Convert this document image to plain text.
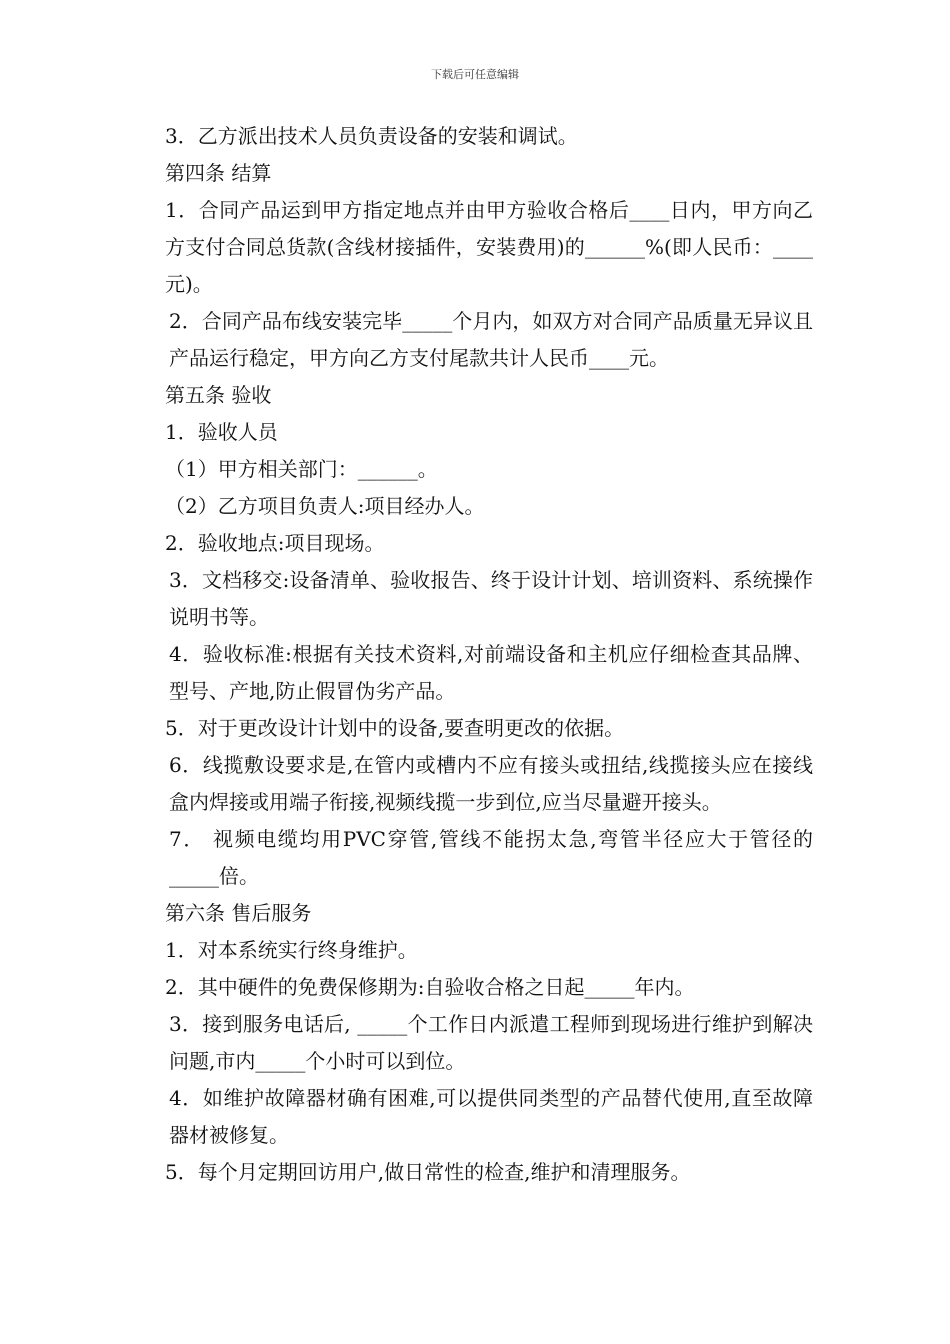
下载后可任意编辑
3．乙方派出技术人员负责设备的安装和调试。
第四条 结算
1．合同产品运到甲方指定地点并由甲方验收合格后____日内，甲方向乙方支付合同总货款(含线材接插件，安装费用)的______%(即人民币：____元)。
2．合同产品布线安装完毕_____个月内，如双方对合同产品质量无异议且产品运行稳定，甲方向乙方支付尾款共计人民币____元。
第五条 验收
1．验收人员
（1）甲方相关部门：______。
（2）乙方项目负责人:项目经办人。
2．验收地点:项目现场。
3．文档移交:设备清单、验收报告、终于设计计划、培训资料、系统操作说明书等。
4．验收标准:根据有关技术资料,对前端设备和主机应仔细检查其品牌、型号、产地,防止假冒伪劣产品。
5．对于更改设计计划中的设备,要查明更改的依据。
6．线揽敷设要求是,在管内或槽内不应有接头或扭结,线揽接头应在接线盒内焊接或用端子衔接,视频线揽一步到位,应当尽量避开接头。
7． 视频电缆均用PVC穿管,管线不能拐太急,弯管半径应大于管径的_____倍。
第六条 售后服务
1．对本系统实行终身维护。
2．其中硬件的免费保修期为:自验收合格之日起_____年内。
3．接到服务电话后, _____个工作日内派遣工程师到现场进行维护到解决问题,市内_____个小时可以到位。
4．如维护故障器材确有困难,可以提供同类型的产品替代使用,直至故障器材被修复。
5．每个月定期回访用户,做日常性的检查,维护和清理服务。
